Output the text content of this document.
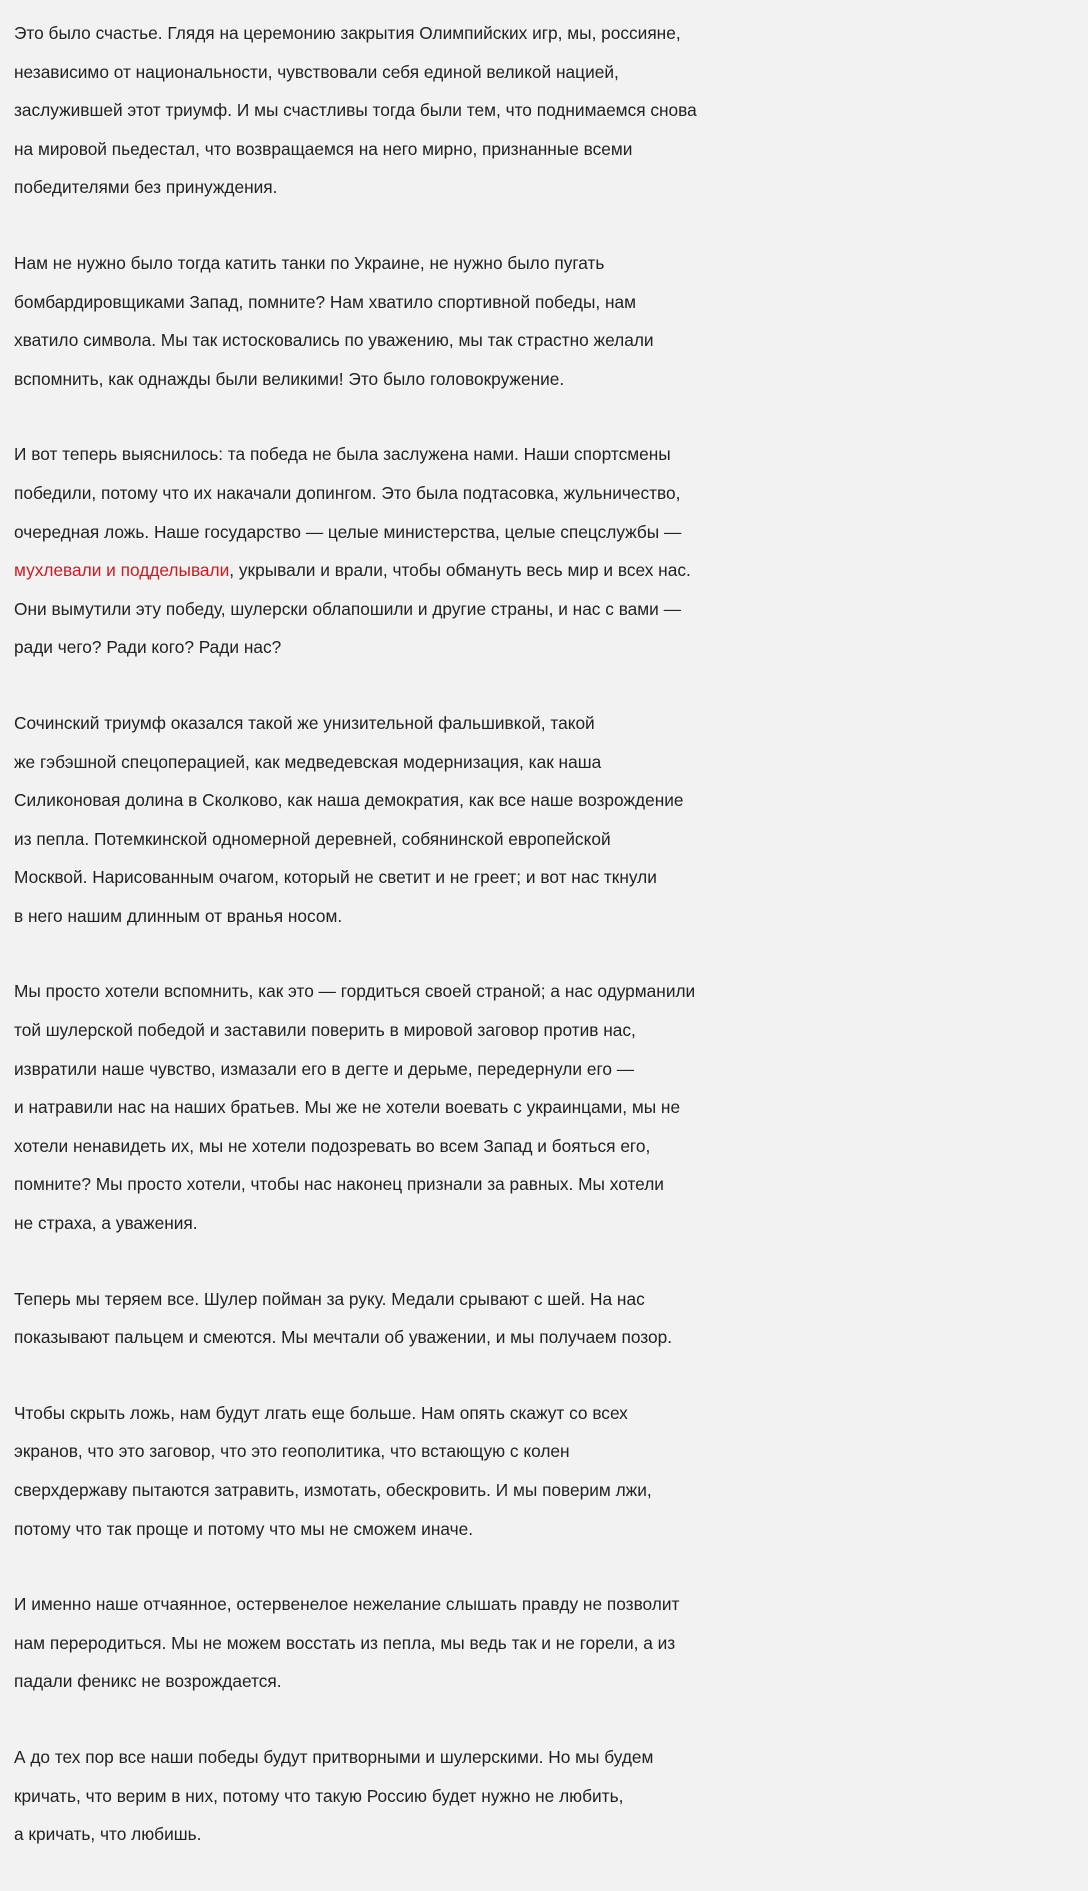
Это было счастье. Глядя на церемонию закрытия Олимпийских игр, мы, россияне,
независимо от национальности, чувствовали себя единой великой нацией,
заслужившей этот триумф. И мы счастливы тогда были тем, что поднимаемся снова
на мировой пьедестал, что возвращаемся на него мирно, признанные всеми
победителями без принуждения.

Нам не нужно было тогда катить танки по Украине, не нужно было пугать
бомбардировщиками Запад, помните? Нам хватило спортивной победы, нам
хватило символа. Мы так истосковались по уважению, мы так страстно желали
вспомнить, как однажды были великими! Это было головокружение.

И вот теперь выяснилось: та победа не была заслужена нами. Наши спортсмены
победили, потому что их накачали допингом. Это была подтасовка, жульничество,
очередная ложь. Наше государство — целые министерства, целые спецслужбы —
мухлевали и подделывали, укрывали и врали, чтобы обмануть весь мир и всех нас.
Они вымутили эту победу, шулерски облапошили и другие страны, и нас с вами —
ради чего? Ради кого? Ради нас?

Сочинский триумф оказался такой же унизительной фальшивкой, такой
же гэбэшной спецоперацией, как медведевская модернизация, как наша
Силиконовая долина в Сколково, как наша демократия, как все наше возрождение
из пепла. Потемкинской одномерной деревней, собянинской европейской
Москвой. Нарисованным очагом, который не светит и не греет; и вот нас ткнули
в него нашим длинным от вранья носом.

Мы просто хотели вспомнить, как это — гордиться своей страной; а нас одурманили
той шулерской победой и заставили поверить в мировой заговор против нас,
извратили наше чувство, измазали его в дегте и дерьме, передернули его —
и натравили нас на наших братьев. Мы же не хотели воевать с украинцами, мы не
хотели ненавидеть их, мы не хотели подозревать во всем Запад и бояться его,
помните? Мы просто хотели, чтобы нас наконец признали за равных. Мы хотели
не страха, а уважения.

Теперь мы теряем все. Шулер пойман за руку. Медали срывают с шей. На нас
показывают пальцем и смеются. Мы мечтали об уважении, и мы получаем позор.

Чтобы скрыть ложь, нам будут лгать еще больше. Нам опять скажут со всех
экранов, что это заговор, что это геополитика, что встающую с колен
сверхдержаву пытаются затравить, измотать, обескровить. И мы поверим лжи,
потому что так проще и потому что мы не сможем иначе.

И именно наше отчаянное, остервенелое нежелание слышать правду не позволит
нам переродиться. Мы не можем восстать из пепла, мы ведь так и не горели, а из
падали феникс не возрождается.

А до тех пор все наши победы будут притворными и шулерскими. Но мы будем
кричать, что верим в них, потому что такую Россию будет нужно не любить,
а кричать, что любишь.
